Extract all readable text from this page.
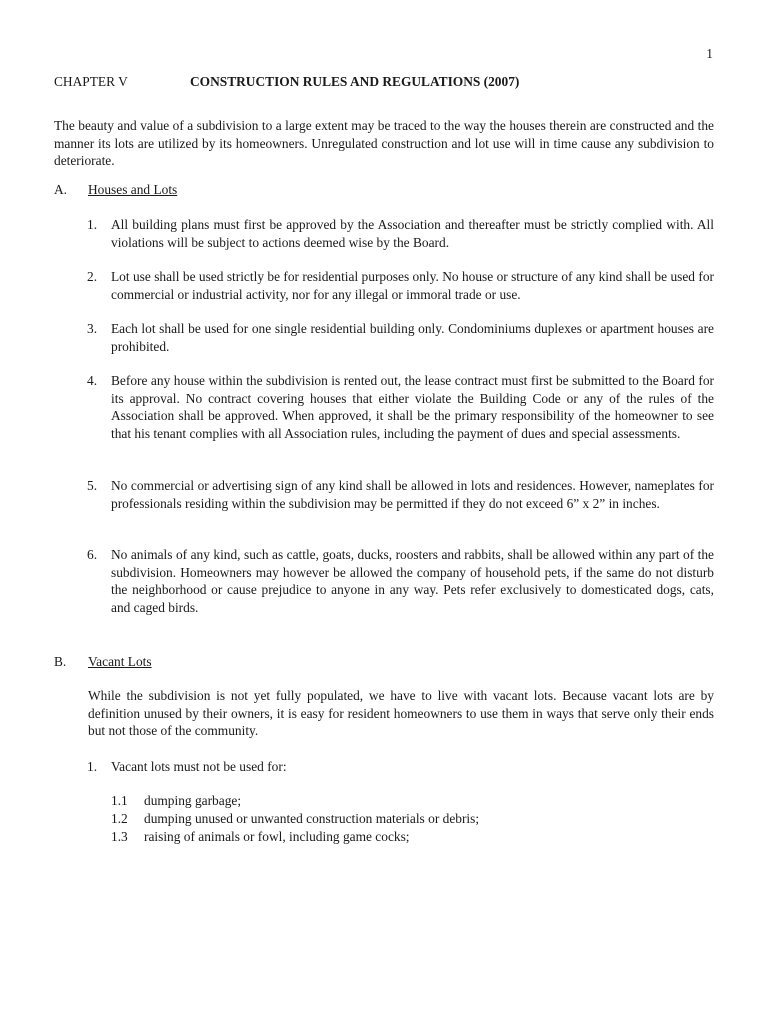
1
CHAPTER V	CONSTRUCTION RULES AND REGULATIONS (2007)
The beauty and value of a subdivision to a large extent may be traced to the way the houses therein are constructed and the manner its lots are utilized by its homeowners. Unregulated construction and lot use will in time cause any subdivision to deteriorate.
A. Houses and Lots
1. All building plans must first be approved by the Association and thereafter must be strictly complied with. All violations will be subject to actions deemed wise by the Board.
2. Lot use shall be used strictly be for residential purposes only. No house or structure of any kind shall be used for commercial or industrial activity, nor for any illegal or immoral trade or use.
3. Each lot shall be used for one single residential building only. Condominiums duplexes or apartment houses are prohibited.
4. Before any house within the subdivision is rented out, the lease contract must first be submitted to the Board for its approval. No contract covering houses that either violate the Building Code or any of the rules of the Association shall be approved. When approved, it shall be the primary responsibility of the homeowner to see that his tenant complies with all Association rules, including the payment of dues and special assessments.
5. No commercial or advertising sign of any kind shall be allowed in lots and residences. However, nameplates for professionals residing within the subdivision may be permitted if they do not exceed 6” x 2” in inches.
6. No animals of any kind, such as cattle, goats, ducks, roosters and rabbits, shall be allowed within any part of the subdivision. Homeowners may however be allowed the company of household pets, if the same do not disturb the neighborhood or cause prejudice to anyone in any way. Pets refer exclusively to domesticated dogs, cats, and caged birds.
B. Vacant Lots
While the subdivision is not yet fully populated, we have to live with vacant lots. Because vacant lots are by definition unused by their owners, it is easy for resident homeowners to use them in ways that serve only their ends but not those of the community.
1. Vacant lots must not be used for:
1.1 dumping garbage;
1.2 dumping unused or unwanted construction materials or debris;
1.3 raising of animals or fowl, including game cocks;
